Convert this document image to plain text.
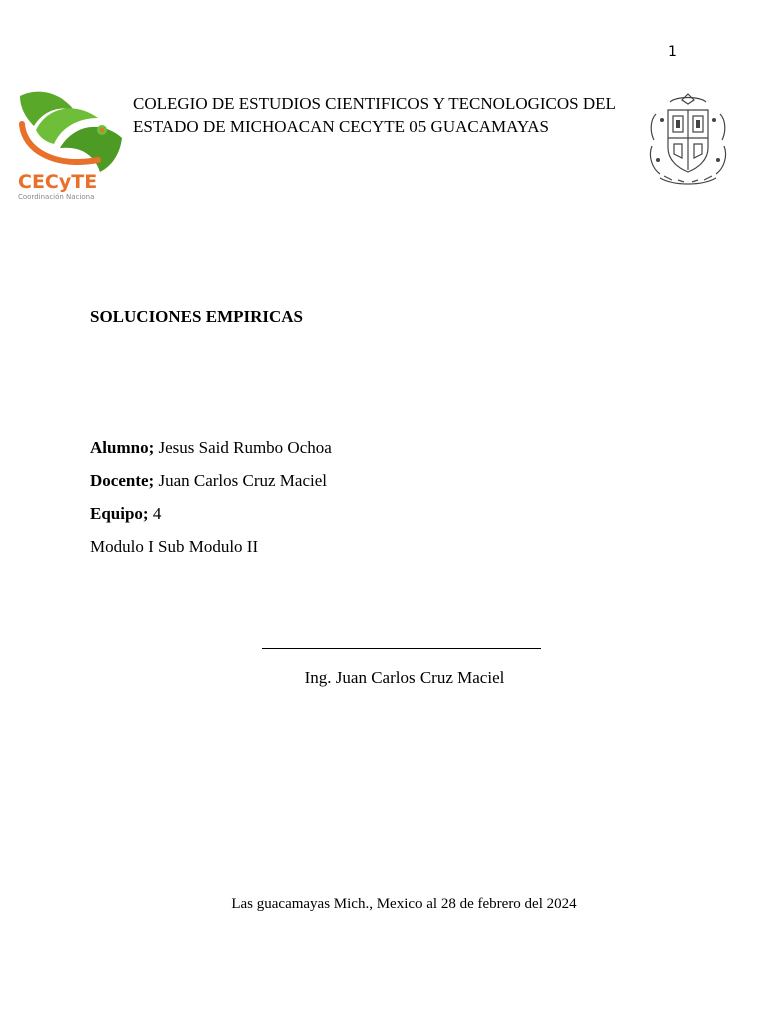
1
CECyTE
Coordinación Naciona
COLEGIO DE ESTUDIOS CIENTIFICOS Y TECNOLOGICOS DEL ESTADO DE MICHOACAN CECYTE 05 GUACAMAYAS
SOLUCIONES EMPIRICAS

Alumno; Jesus Said Rumbo Ochoa

Docente; Juan Carlos Cruz Maciel

Equipo; 4

Modulo I Sub Modulo II

Ing. Juan Carlos Cruz Maciel
Las guacamayas Mich., Mexico al 28 de febrero del 2024
